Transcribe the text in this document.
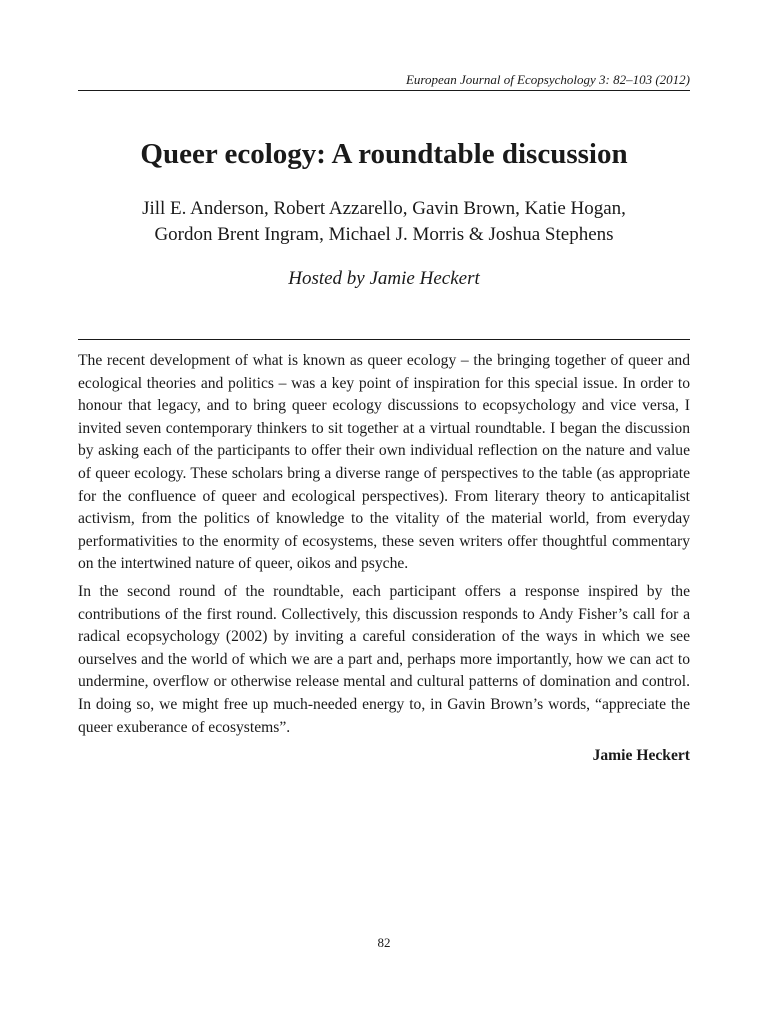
European Journal of Ecopsychology 3: 82–103 (2012)
Queer ecology: A roundtable discussion
Jill E. Anderson, Robert Azzarello, Gavin Brown, Katie Hogan,
Gordon Brent Ingram, Michael J. Morris & Joshua Stephens
Hosted by Jamie Heckert

The recent development of what is known as queer ecology – the bringing together of queer and ecological theories and politics – was a key point of inspiration for this special issue. In order to honour that legacy, and to bring queer ecology discussions to ecopsychology and vice versa, I invited seven contemporary thinkers to sit together at a virtual roundtable. I began the discussion by asking each of the participants to offer their own individual reflection on the nature and value of queer ecology. These scholars bring a diverse range of perspectives to the table (as appropriate for the confluence of queer and ecological perspectives). From literary theory to anticapitalist activism, from the politics of knowledge to the vitality of the material world, from everyday performativities to the enormity of ecosystems, these seven writers offer thoughtful commentary on the intertwined nature of queer, oikos and psyche.

In the second round of the roundtable, each participant offers a response inspired by the contributions of the first round. Collectively, this discussion responds to Andy Fisher’s call for a radical ecopsychology (2002) by inviting a careful consideration of the ways in which we see ourselves and the world of which we are a part and, perhaps more importantly, how we can act to undermine, overflow or otherwise release mental and cultural patterns of domination and control. In doing so, we might free up much-needed energy to, in Gavin Brown’s words, “appreciate the queer exuberance of ecosystems”.

Jamie Heckert
82
